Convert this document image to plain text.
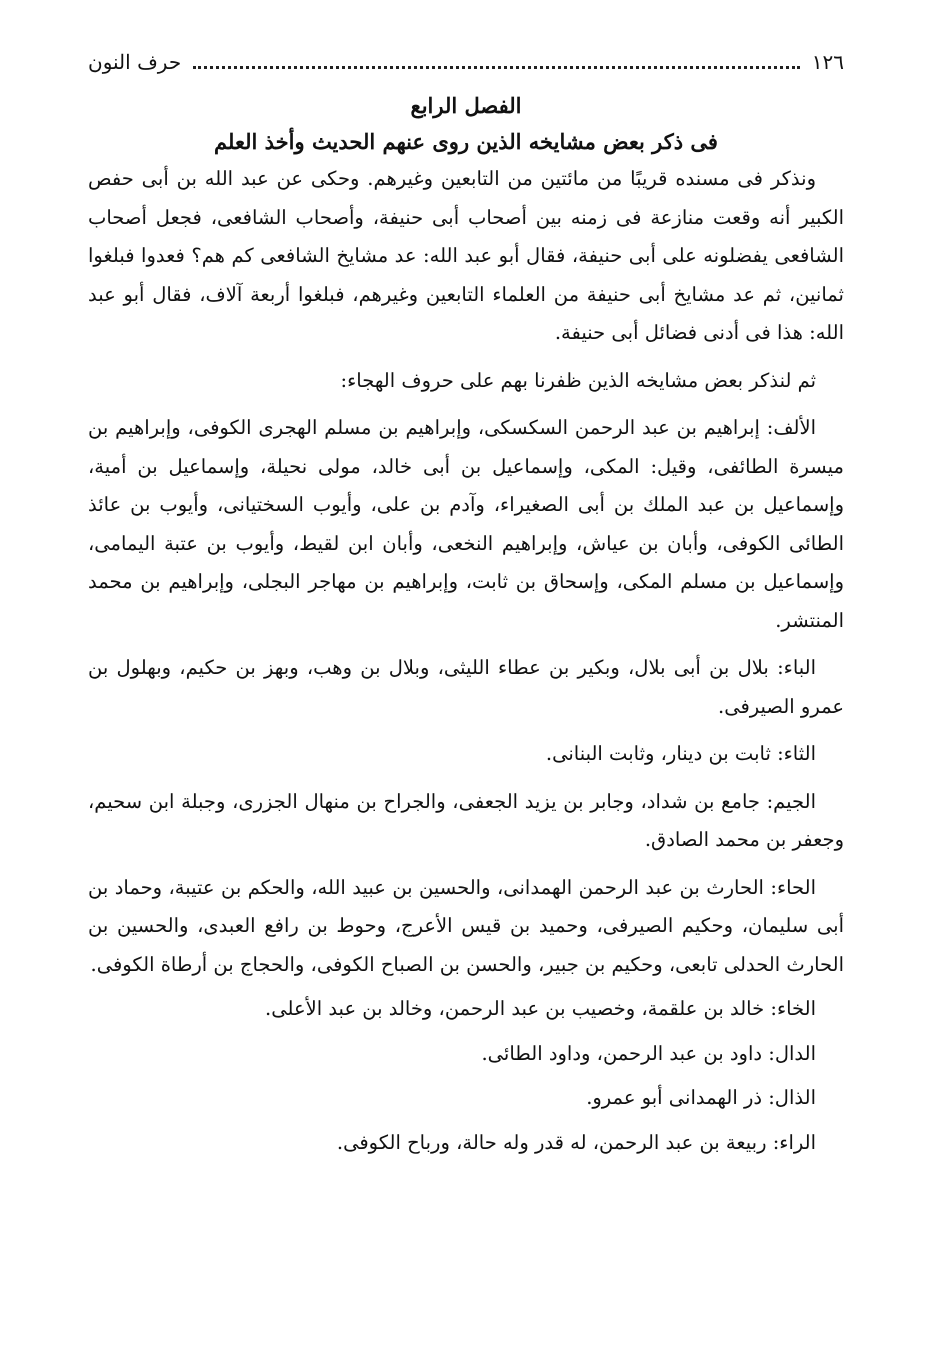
١٢٦
حرف النون
الفصل الرابع
فى ذكر بعض مشايخه الذين روى عنهم الحديث وأخذ العلم

ونذكر فى مسنده قريبًا من مائتين من التابعين وغيرهم. وحكى عن عبد الله بن أبى حفص الكبير أنه وقعت منازعة فى زمنه بين أصحاب أبى حنيفة، وأصحاب الشافعى، فجعل أصحاب الشافعى يفضلونه على أبى حنيفة، فقال أبو عبد الله: عد مشايخ الشافعى كم هم؟ فعدوا فبلغوا ثمانين، ثم عد مشايخ أبى حنيفة من العلماء التابعين وغيرهم، فبلغوا أربعة آلاف، فقال أبو عبد الله: هذا فى أدنى فضائل أبى حنيفة.

ثم لنذكر بعض مشايخه الذين ظفرنا بهم على حروف الهجاء:

الألف: إبراهيم بن عبد الرحمن السكسكى، وإبراهيم بن مسلم الهجرى الكوفى، وإبراهيم بن ميسرة الطائفى، وقيل: المكى، وإسماعيل بن أبى خالد، مولى نحيلة، وإسماعيل بن أمية، وإسماعيل بن عبد الملك بن أبى الصغيراء، وآدم بن على، وأيوب السختيانى، وأيوب بن عائذ الطائى الكوفى، وأبان بن عياش، وإبراهيم النخعى، وأبان ابن لقيط، وأيوب بن عتبة اليمامى، وإسماعيل بن مسلم المكى، وإسحاق بن ثابت، وإبراهيم بن مهاجر البجلى، وإبراهيم بن محمد المنتشر.

الباء: بلال بن أبى بلال، وبكير بن عطاء الليثى، وبلال بن وهب، وبهز بن حكيم، وبهلول بن عمرو الصيرفى.

الثاء: ثابت بن دينار، وثابت البنانى.

الجيم: جامع بن شداد، وجابر بن يزيد الجعفى، والجراح بن منهال الجزرى، وجبلة ابن سحيم، وجعفر بن محمد الصادق.

الحاء: الحارث بن عبد الرحمن الهمدانى، والحسين بن عبيد الله، والحكم بن عتيبة، وحماد بن أبى سليمان، وحكيم الصيرفى، وحميد بن قيس الأعرج، وحوط بن رافع العبدى، والحسين بن الحارث الحدلى تابعى، وحكيم بن جبير، والحسن بن الصباح الكوفى، والحجاج بن أرطاة الكوفى.

الخاء: خالد بن علقمة، وخصيب بن عبد الرحمن، وخالد بن عبد الأعلى.

الدال: داود بن عبد الرحمن، وداود الطائى.

الذال: ذر الهمدانى أبو عمرو.

الراء: ربيعة بن عبد الرحمن، له قدر وله حالة، ورباح الكوفى.
